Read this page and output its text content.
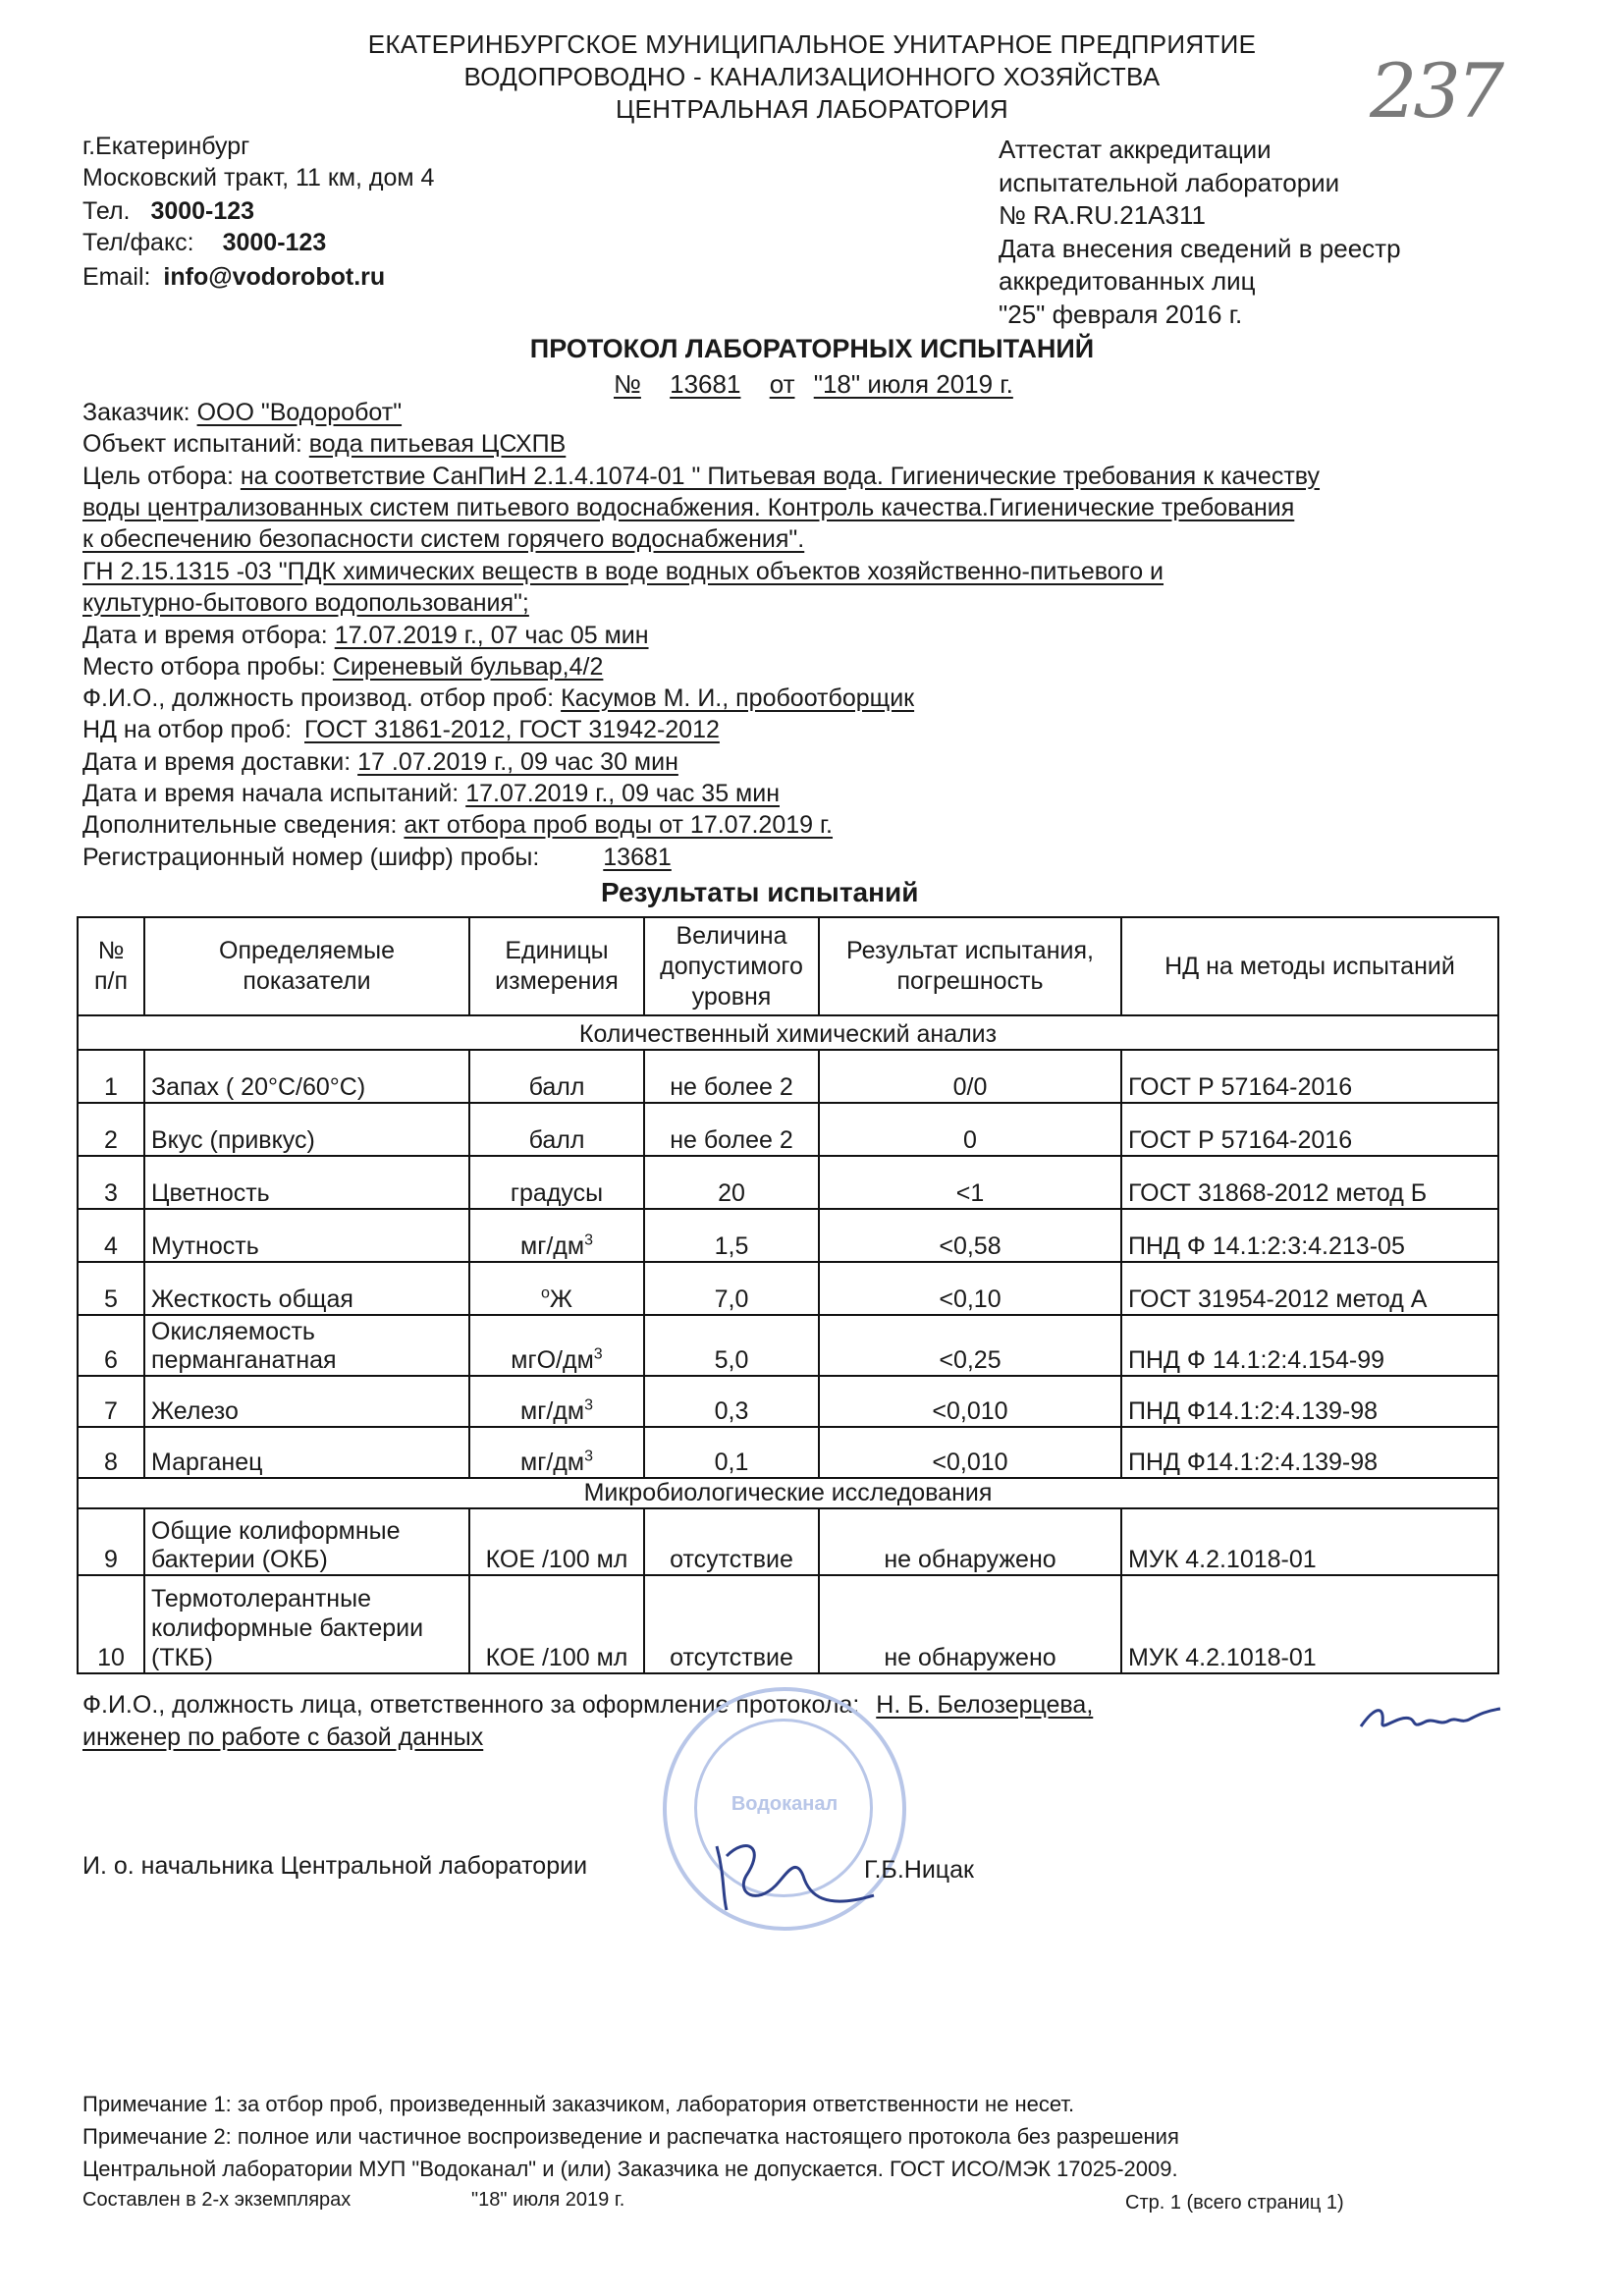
ЕКАТЕРИНБУРГСКОЕ МУНИЦИПАЛЬНОЕ УНИТАРНОЕ ПРЕДПРИЯТИЕ
ВОДОПРОВОДНО - КАНАЛИЗАЦИОННОГО ХОЗЯЙСТВА
ЦЕНТРАЛЬНАЯ ЛАБОРАТОРИЯ	237
г.Екатеринбург
Московский тракт, 11 км, дом 4
Тел. 3000-123
Тел/факс: 3000-123
Email: info@vodorobot.ru
Аттестат аккредитации
испытательной лаборатории
№ RA.RU.21А311
Дата внесения сведений в реестр
аккредитованных лиц
"25" февраля 2016 г.
ПРОТОКОЛ ЛАБОРАТОРНЫХ ИСПЫТАНИЙ
№ 13681 от "18" июля 2019 г.
Заказчик: ООО "Водоробот"
Объект испытаний: вода питьевая ЦСХПВ
Цель отбора: на соответствие СанПиН 2.1.4.1074-01 " Питьевая вода. Гигиенические требования к качеству
воды централизованных систем питьевого водоснабжения. Контроль качества.Гигиенические требования
к обеспечению безопасности систем горячего водоснабжения".
ГН 2.15.1315 -03 "ПДК химических веществ в воде водных объектов хозяйственно-питьевого и
культурно-бытового водопользования";
Дата и время отбора: 17.07.2019 г., 07 час 05 мин
Место отбора пробы: Сиреневый бульвар,4/2
Ф.И.О., должность производ. отбор проб: Касумов М. И., пробоотборщик
НД на отбор проб: ГОСТ 31861-2012, ГОСТ 31942-2012
Дата и время доставки: 17 .07.2019 г., 09 час 30 мин
Дата и время начала испытаний: 17.07.2019 г., 09 час 35 мин
Дополнительные сведения: акт отбора проб воды от 17.07.2019 г.
Регистрационный номер (шифр) пробы:	13681
Результаты испытаний
№
п/п	Определяемые
показатели	Единицы
измерения	Величина
допустимого
уровня	Результат испытания,
погрешность	НД на методы испытаний
Количественный химический анализ					
1	Запах ( 20°С/60°С)	балл	не более 2	0/0	ГОСТ Р 57164-2016
2	Вкус (привкус)	балл	не более 2	0	ГОСТ Р 57164-2016
3	Цветность	градусы	20	<1	ГОСТ 31868-2012 метод Б
4	Мутность	$мг/дм^3$	1,5	<0,58	ПНД Ф 14.1:2:3:4.213-05
5	Жесткость общая	$^о$Ж	7,0	<0,10	ГОСТ 31954-2012 метод А
6	Окисляемость
перманганатная	мгО/$дм^3$	5,0	<0,25	ПНД Ф 14.1:2:4.154-99
7	Железо	$мг/дм^3$	0,3	<0,010	ПНД Ф14.1:2:4.139-98
8	Марганец	$мг/дм^3$	0,1	<0,010	ПНД Ф14.1:2:4.139-98
Микробиологические исследования					
9	Общие колиформные
бактерии (ОКБ)	КОЕ /100 мл	отсутствие	не обнаружено	МУК 4.2.1018-01
10	Термотолерантные
колиформные бактерии
(ТКБ)	КОЕ /100 мл	отсутствие	не обнаружено	МУК 4.2.1018-01
Ф.И.О., должность лица, ответственного за оформление протокола: Н. Б. Белозерцева,
инженер по работе с базой данных
Водоканал
И. о. начальника Центральной лаборатории	Г.Б.Ницак
Примечание 1: за отбор проб, произведенный заказчиком, лаборатория ответственности не несет.
Примечание 2: полное или частичное воспроизведение и распечатка настоящего протокола без разрешения
Центральной лаборатории МУП "Водоканал" и (или) Заказчика не допускается. ГОСТ ИСО/МЭК 17025-2009.
Составлен в 2-х экземплярах	"18" июля 2019 г.	Стр. 1 (всего страниц 1)
